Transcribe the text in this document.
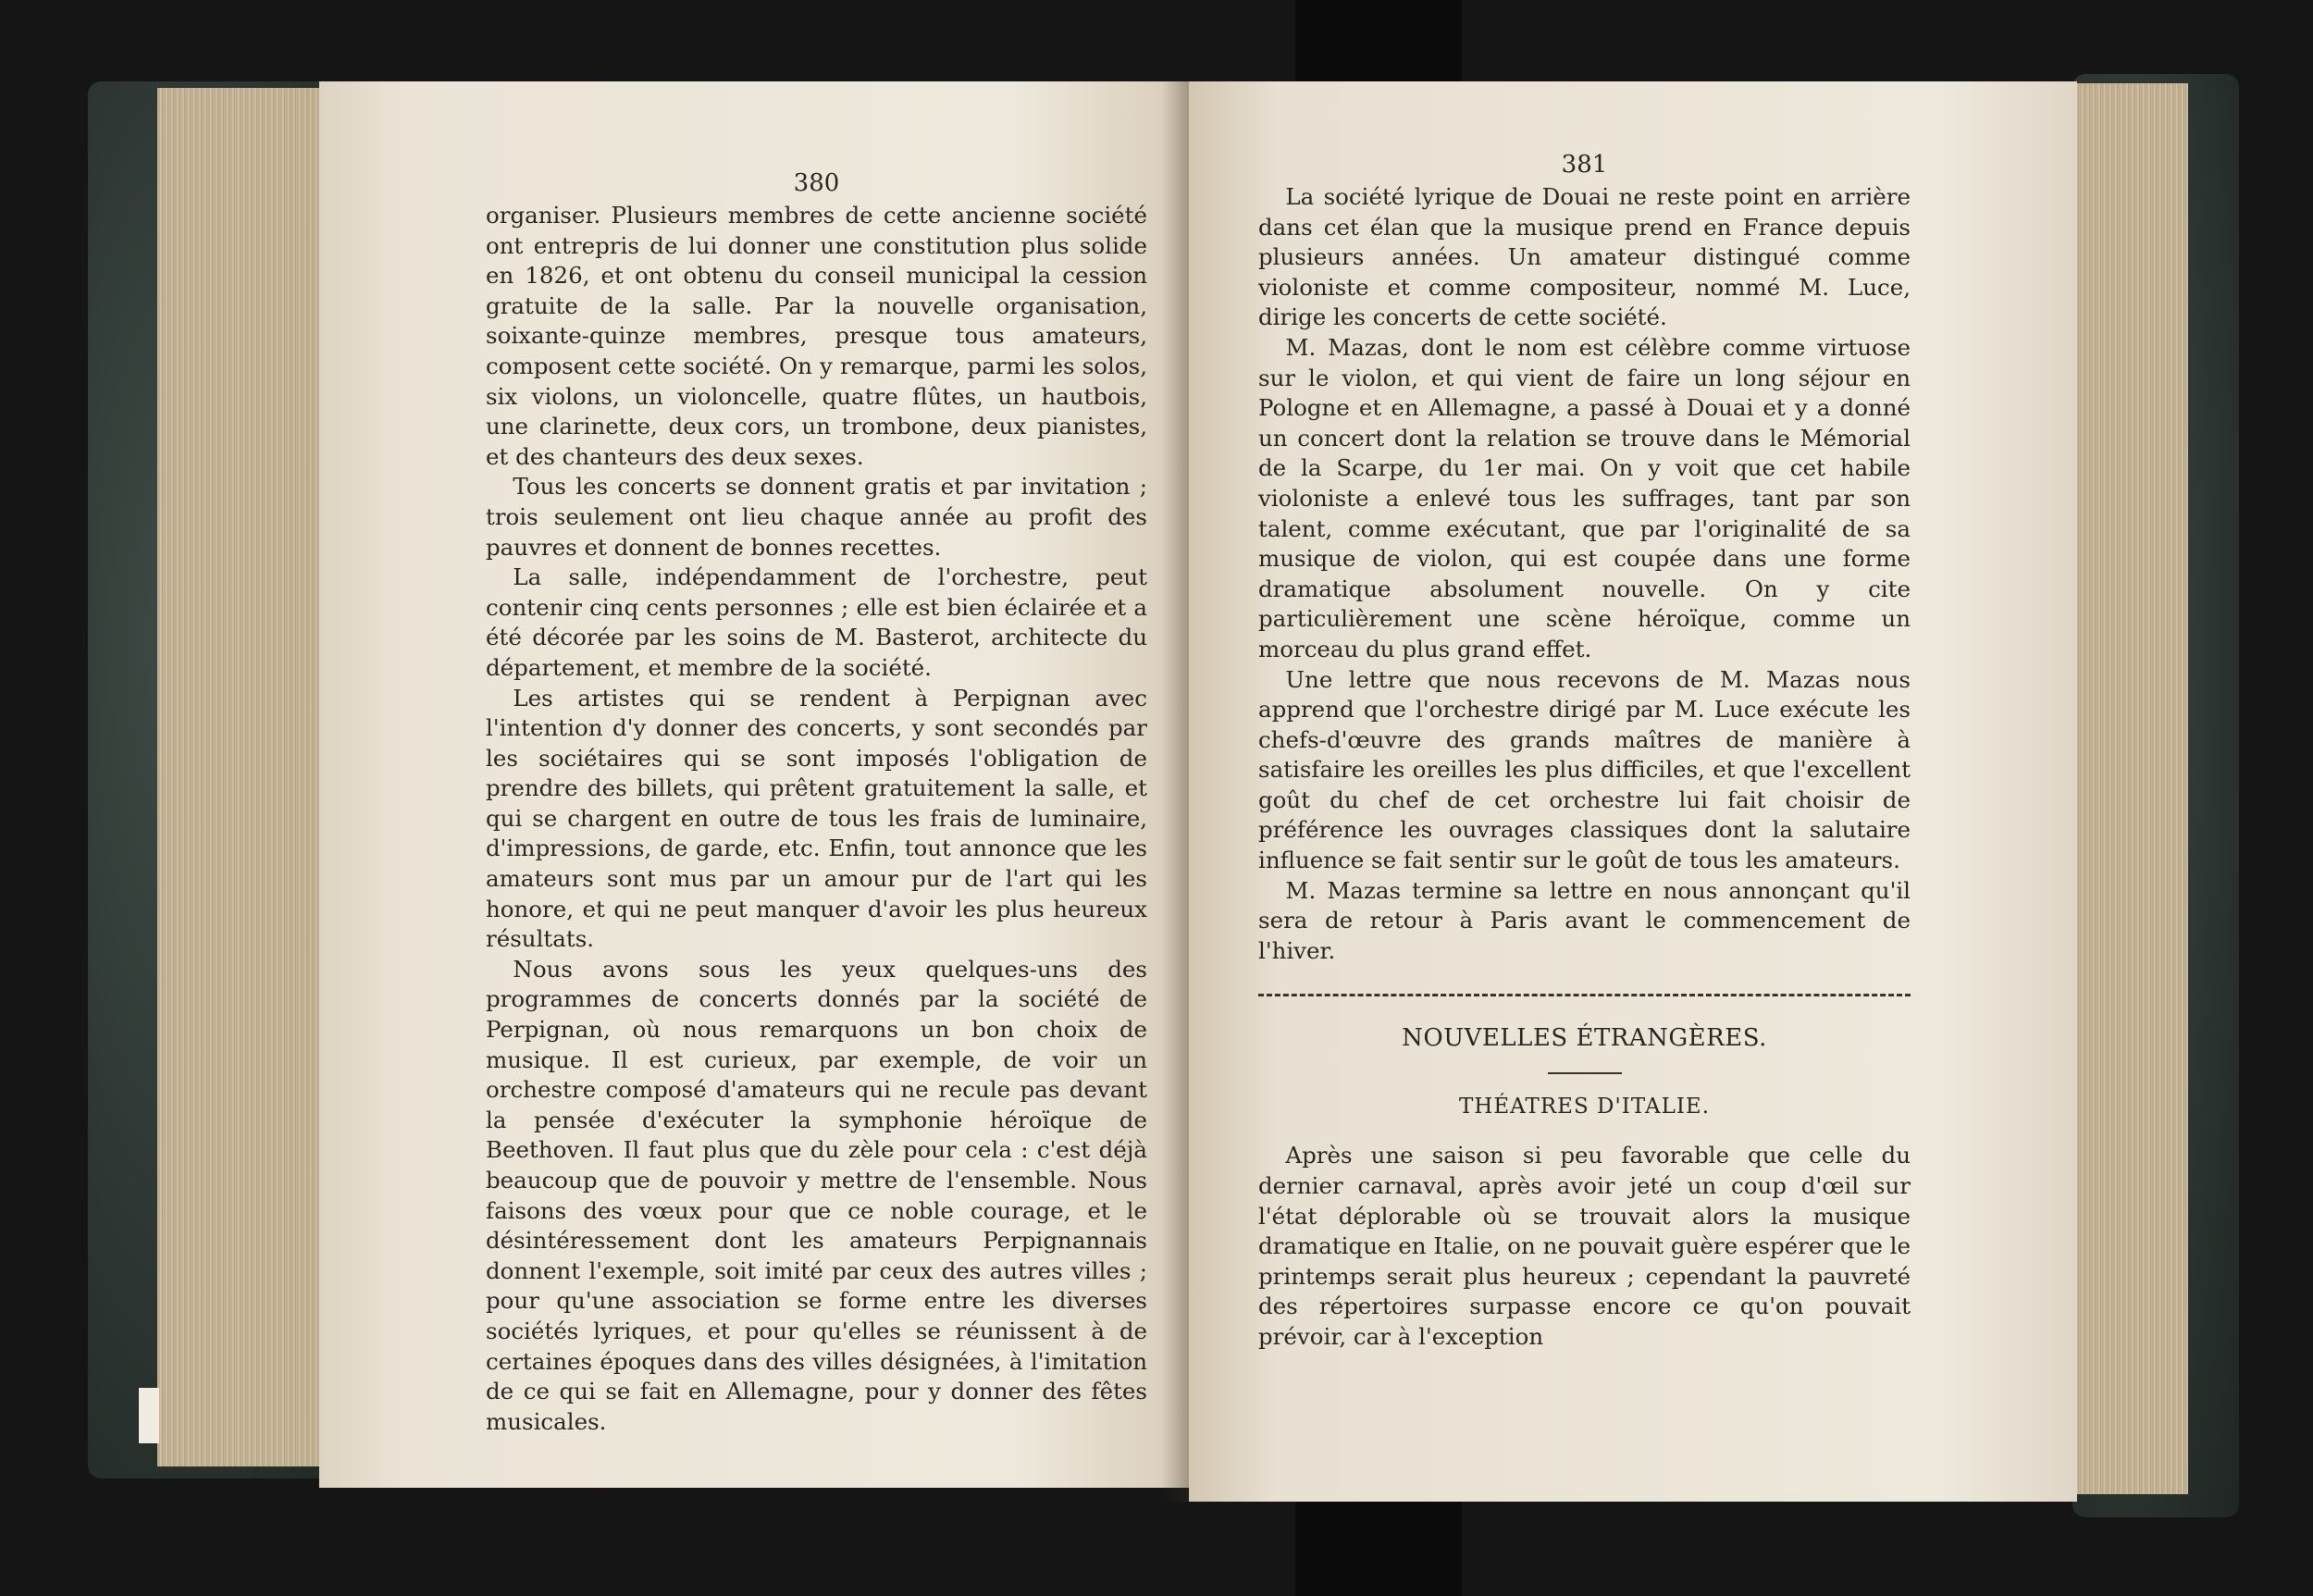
380

organiser. Plusieurs membres de cette ancienne société ont entrepris de lui donner une constitution plus solide en 1826, et ont obtenu du conseil municipal la cession gratuite de la salle. Par la nouvelle organisation, soixante-quinze membres, presque tous amateurs, composent cette société. On y remarque, parmi les solos, six violons, un violoncelle, quatre flûtes, un hautbois, une clarinette, deux cors, un trombone, deux pianistes, et des chanteurs des deux sexes.

Tous les concerts se donnent gratis et par invitation ; trois seulement ont lieu chaque année au profit des pauvres et donnent de bonnes recettes.

La salle, indépendamment de l'orchestre, peut contenir cinq cents personnes ; elle est bien éclairée et a été décorée par les soins de M. Basterot, architecte du département, et membre de la société.

Les artistes qui se rendent à Perpignan avec l'intention d'y donner des concerts, y sont secondés par les sociétaires qui se sont imposés l'obligation de prendre des billets, qui prêtent gratuitement la salle, et qui se chargent en outre de tous les frais de luminaire, d'impressions, de garde, etc. Enfin, tout annonce que les amateurs sont mus par un amour pur de l'art qui les honore, et qui ne peut manquer d'avoir les plus heureux résultats.

Nous avons sous les yeux quelques-uns des programmes de concerts donnés par la société de Perpignan, où nous remarquons un bon choix de musique. Il est curieux, par exemple, de voir un orchestre composé d'amateurs qui ne recule pas devant la pensée d'exécuter la symphonie héroïque de Beethoven. Il faut plus que du zèle pour cela : c'est déjà beaucoup que de pouvoir y mettre de l'ensemble. Nous faisons des vœux pour que ce noble courage, et le désintéressement dont les amateurs Perpignannais donnent l'exemple, soit imité par ceux des autres villes ; pour qu'une association se forme entre les diverses sociétés lyriques, et pour qu'elles se réunissent à de certaines époques dans des villes désignées, à l'imitation de ce qui se fait en Allemagne, pour y donner des fêtes musicales.

381

La société lyrique de Douai ne reste point en arrière dans cet élan que la musique prend en France depuis plusieurs années. Un amateur distingué comme violoniste et comme compositeur, nommé M. Luce, dirige les concerts de cette société.

M. Mazas, dont le nom est célèbre comme virtuose sur le violon, et qui vient de faire un long séjour en Pologne et en Allemagne, a passé à Douai et y a donné un concert dont la relation se trouve dans le Mémorial de la Scarpe, du 1er mai. On y voit que cet habile violoniste a enlevé tous les suffrages, tant par son talent, comme exécutant, que par l'originalité de sa musique de violon, qui est coupée dans une forme dramatique absolument nouvelle. On y cite particulièrement une scène héroïque, comme un morceau du plus grand effet.

Une lettre que nous recevons de M. Mazas nous apprend que l'orchestre dirigé par M. Luce exécute les chefs-d'œuvre des grands maîtres de manière à satisfaire les oreilles les plus difficiles, et que l'excellent goût du chef de cet orchestre lui fait choisir de préférence les ouvrages classiques dont la salutaire influence se fait sentir sur le goût de tous les amateurs.

M. Mazas termine sa lettre en nous annonçant qu'il sera de retour à Paris avant le commencement de l'hiver.

NOUVELLES ÉTRANGÈRES.
THÉATRES D'ITALIE.

Après une saison si peu favorable que celle du dernier carnaval, après avoir jeté un coup d'œil sur l'état déplorable où se trouvait alors la musique dramatique en Italie, on ne pouvait guère espérer que le printemps serait plus heureux ; cependant la pauvreté des répertoires surpasse encore ce qu'on pouvait prévoir, car à l'exception
